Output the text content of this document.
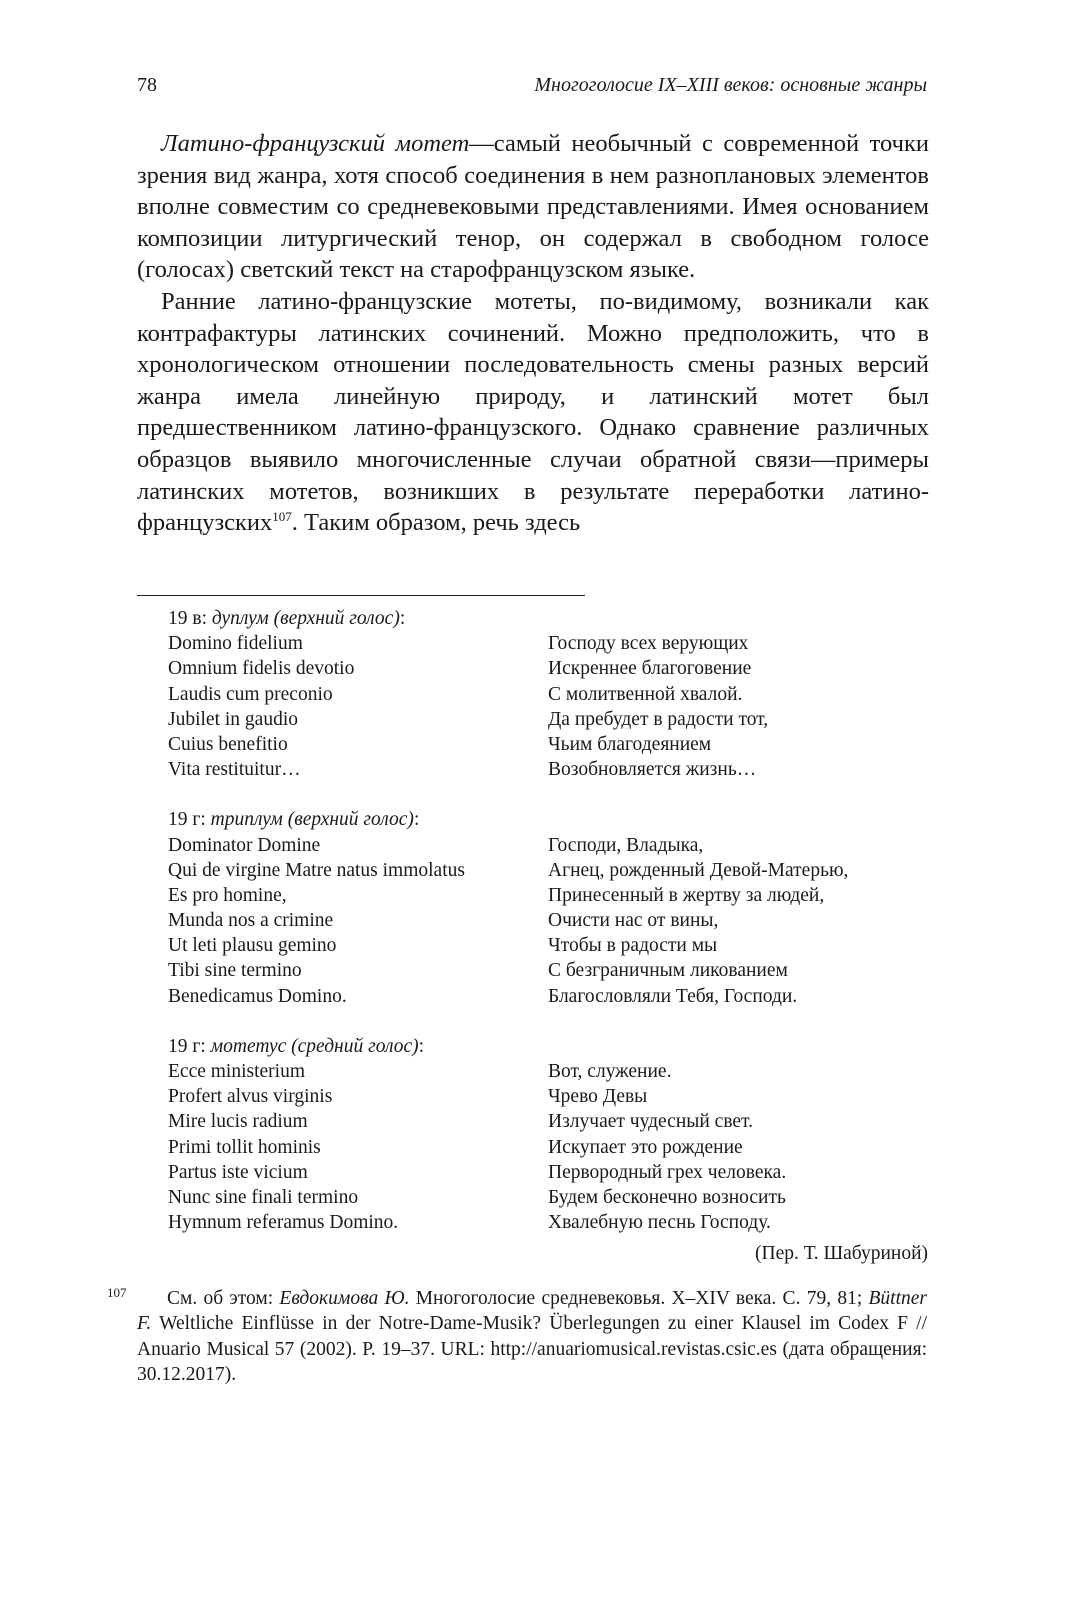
78	Многоголосие IX–XIII веков: основные жанры

Латино-французский мотет—самый необычный с современной точки зрения вид жанра, хотя способ соединения в нем разноплановых элементов вполне совместим со средневековыми представлениями. Имея основанием композиции литургический тенор, он содержал в свободном голосе (голосах) светский текст на старофранцузском языке.

Ранние латино-французские мотеты, по-видимому, возникали как контрафактуры латинских сочинений. Можно предположить, что в хронологическом отношении последовательность смены разных версий жанра имела линейную природу, и латинский мотет был предшественником латино-французского. Однако сравнение различных образцов выявило многочисленные случаи обратной связи—примеры латинских мотетов, возникших в результате переработки латино-французских$^{107}$. Таким образом, речь здесь

19 в: дуплум (верхний голос):
Domino fidelium
Omnium fidelis devotio
Laudis cum preconio
Jubilet in gaudio
Cuius benefitio
Vita restituitur…
Господу всех верующих
Искреннее благоговение
С молитвенной хвалой.
Да пребудет в радости тот,
Чьим благодеянием
Возобновляется жизнь…
19 г: триплум (верхний голос):
Dominator Domine
Qui de virgine Matre natus immolatus
Es pro homine,
Munda nos a crimine
Ut leti plausu gemino
Tibi sine termino
Benedicamus Domino.
Господи, Владыка,
Агнец, рожденный Девой-Матерью,
Принесенный в жертву за людей,
Очисти нас от вины,
Чтобы в радости мы
С безграничным ликованием
Благословляли Тебя, Господи.
19 г: мотетус (средний голос):
Ecce ministerium
Profert alvus virginis
Mire lucis radium
Primi tollit hominis
Partus iste vicium
Nunc sine finali termino
Hymnum referamus Domino.
Вот, служение.
Чрево Девы
Излучает чудесный свет.
Искупает это рождение
Первородный грех человека.
Будем бесконечно возносить
Хвалебную песнь Господу.
(Пер. Т. Шабуриной)

107 См. об этом: Евдокимова Ю. Многоголосие средневековья. X–XIV века. С. 79, 81; Büttner F. Weltliche Einflüsse in der Notre-Dame-Musik? Überlegungen zu einer Klausel im Codex F // Anuario Musical 57 (2002). P. 19–37. URL: http://anuariomusical.revistas.csic.es (дата обращения: 30.12.2017).
